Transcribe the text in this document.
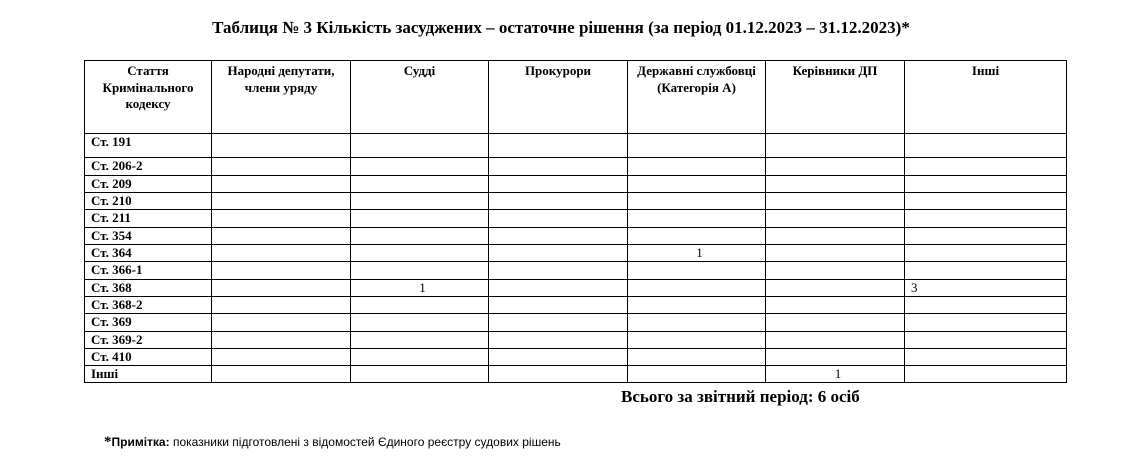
Таблиця № 3 Кількість засуджених – остаточне рішення (за період 01.12.2023 – 31.12.2023)*
Стаття Кримінального кодексу	Народні депутати, члени уряду	Судді	Прокурори	Державні службовці (Категорія А)	Керівники ДП	Інші
Ст. 191						
Ст. 206-2						
Ст. 209						
Ст. 210						
Ст. 211						
Ст. 354						
Ст. 364				1		
Ст. 366-1						
Ст. 368		1				3
Ст. 368-2						
Ст. 369						
Ст. 369-2						
Ст. 410						
Інші					1	
Всього за звітний період: 6 осіб
*Примітка: показники підготовлені з відомостей Єдиного реєстру судових рішень
